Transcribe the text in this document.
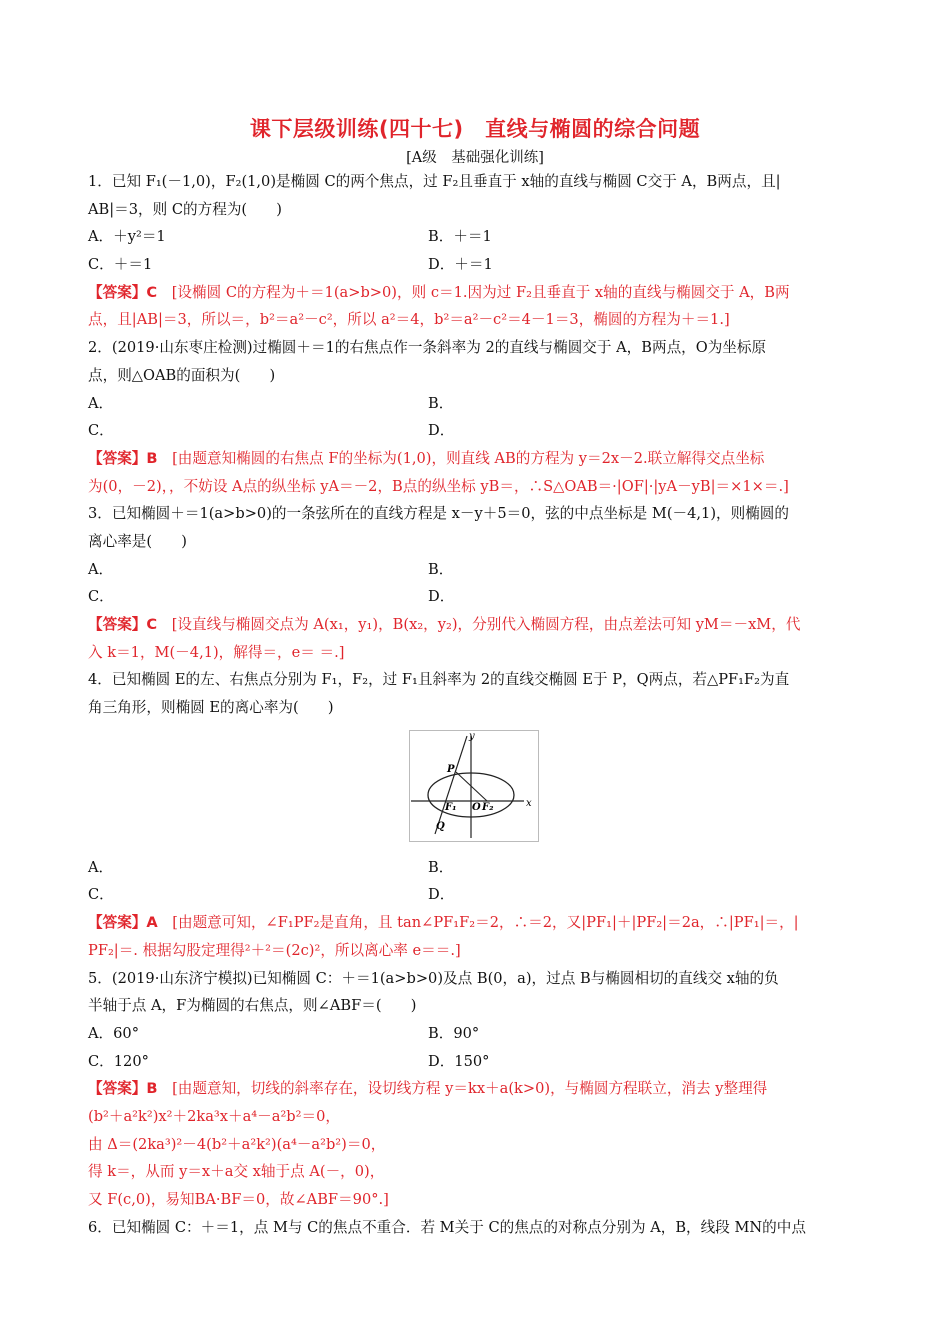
课下层级训练(四十七)　直线与椭圆的综合问题
[A级　基础强化训练]
1．已知 F₁(－1,0)，F₂(1,0)是椭圆 C的两个焦点，过 F₂且垂直于 x轴的直线与椭圆 C交于 A，B两点，且|
AB|＝3，则 C的方程为(　　)
A．＋y²＝1	B．＋＝1
C．＋＝1	D．＋＝1
【答案】C　 [设椭圆 C的方程为＋＝1(a>b>0)，则 c＝1.因为过 F₂且垂直于 x轴的直线与椭圆交于 A，B两
点，且|AB|＝3，所以＝，b²＝a²－c²，所以 a²＝4，b²＝a²－c²＝4－1＝3，椭圆的方程为＋＝1.]
2．(2019·山东枣庄检测)过椭圆＋＝1的右焦点作一条斜率为 2的直线与椭圆交于 A，B两点，O为坐标原
点，则△OAB的面积为(　　)
A．	B．
C．	D．
【答案】B　 [由题意知椭圆的右焦点 F的坐标为(1,0)，则直线 AB的方程为 y＝2x－2.联立解得交点坐标
为(0，－2)，，不妨设 A点的纵坐标 yA＝－2，B点的纵坐标 yB＝，∴S△OAB＝·|OF|·|yA－yB|＝×1×＝.]
3．已知椭圆＋＝1(a>b>0)的一条弦所在的直线方程是 x－y＋5＝0，弦的中点坐标是 M(－4,1)，则椭圆的
离心率是(　　)
A．	B．
C．	D．
【答案】C　 [设直线与椭圆交点为 A(x₁，y₁)，B(x₂，y₂)，分别代入椭圆方程，由点差法可知 yM＝－xM，代
入 k＝1，M(－4,1)，解得＝，e＝ ＝.]
4．已知椭圆 E的左、右焦点分别为 F₁，F₂，过 F₁且斜率为 2的直线交椭圆 E于 P，Q两点，若△PF₁F₂为直
角三角形，则椭圆 E的离心率为(　　)
y
x
P
Q
F₁ O F₂
A．	B．
C．	D．
【答案】A　 [由题意可知，∠F₁PF₂是直角，且 tan∠PF₁F₂＝2，∴＝2，又|PF₁|＋|PF₂|＝2a，∴|PF₁|＝，|
PF₂|＝. 根据勾股定理得²＋²＝(2c)²，所以离心率 e＝＝.]
5．(2019·山东济宁模拟)已知椭圆 C：＋＝1(a>b>0)及点 B(0，a)，过点 B与椭圆相切的直线交 x轴的负
半轴于点 A，F为椭圆的右焦点，则∠ABF＝(　　)
A．60°	B．90°
C．120°	D．150°
【答案】B　 [由题意知，切线的斜率存在，设切线方程 y＝kx＋a(k>0)，与椭圆方程联立，消去 y整理得
(b²＋a²k²)x²＋2ka³x＋a⁴－a²b²＝0，
由 Δ＝(2ka³)²－4(b²＋a²k²)(a⁴－a²b²)＝0，
得 k＝，从而 y＝x＋a交 x轴于点 A(－，0)，
又 F(c,0)，易知BA·BF＝0，故∠ABF＝90°.]
6．已知椭圆 C：＋＝1，点 M与 C的焦点不重合．若 M关于 C的焦点的对称点分别为 A，B，线段 MN的中点
